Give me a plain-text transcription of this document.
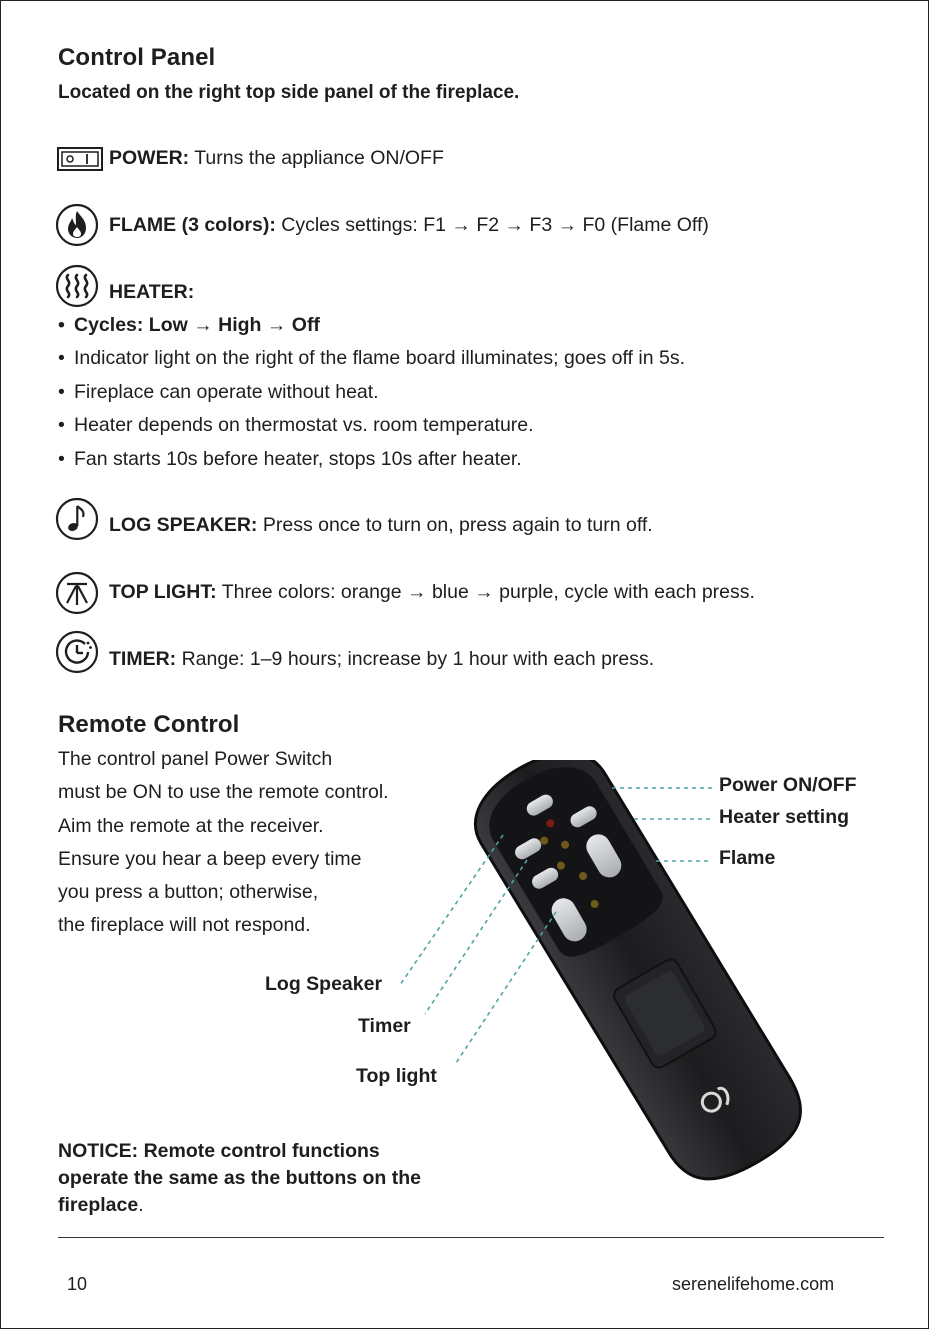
Control Panel
Located on the right top side panel of the fireplace.
POWER: Turns the appliance ON/OFF
FLAME (3 colors): Cycles settings: F1 → F2 → F3 → F0 (Flame Off)
HEATER:
• Cycles: Low → High → Off
• Indicator light on the right of the flame board illuminates; goes off in 5s.
• Fireplace can operate without heat.
• Heater depends on thermostat vs. room temperature.
• Fan starts 10s before heater, stops 10s after heater.
LOG SPEAKER: Press once to turn on, press again to turn off.
TOP LIGHT: Three colors: orange → blue → purple, cycle with each press.
TIMER: Range: 1–9 hours; increase by 1 hour with each press.
Remote Control
The control panel Power Switch
must be ON to use the remote control.
Aim the remote at the receiver.
Ensure you hear a beep every time
you press a button; otherwise,
the fireplace will not respond.
Power ON/OFF
Heater setting
Flame
Log Speaker
Timer
Top light
NOTICE: Remote control functions operate the same as the buttons on the fireplace.
10	serenelifehome.com
